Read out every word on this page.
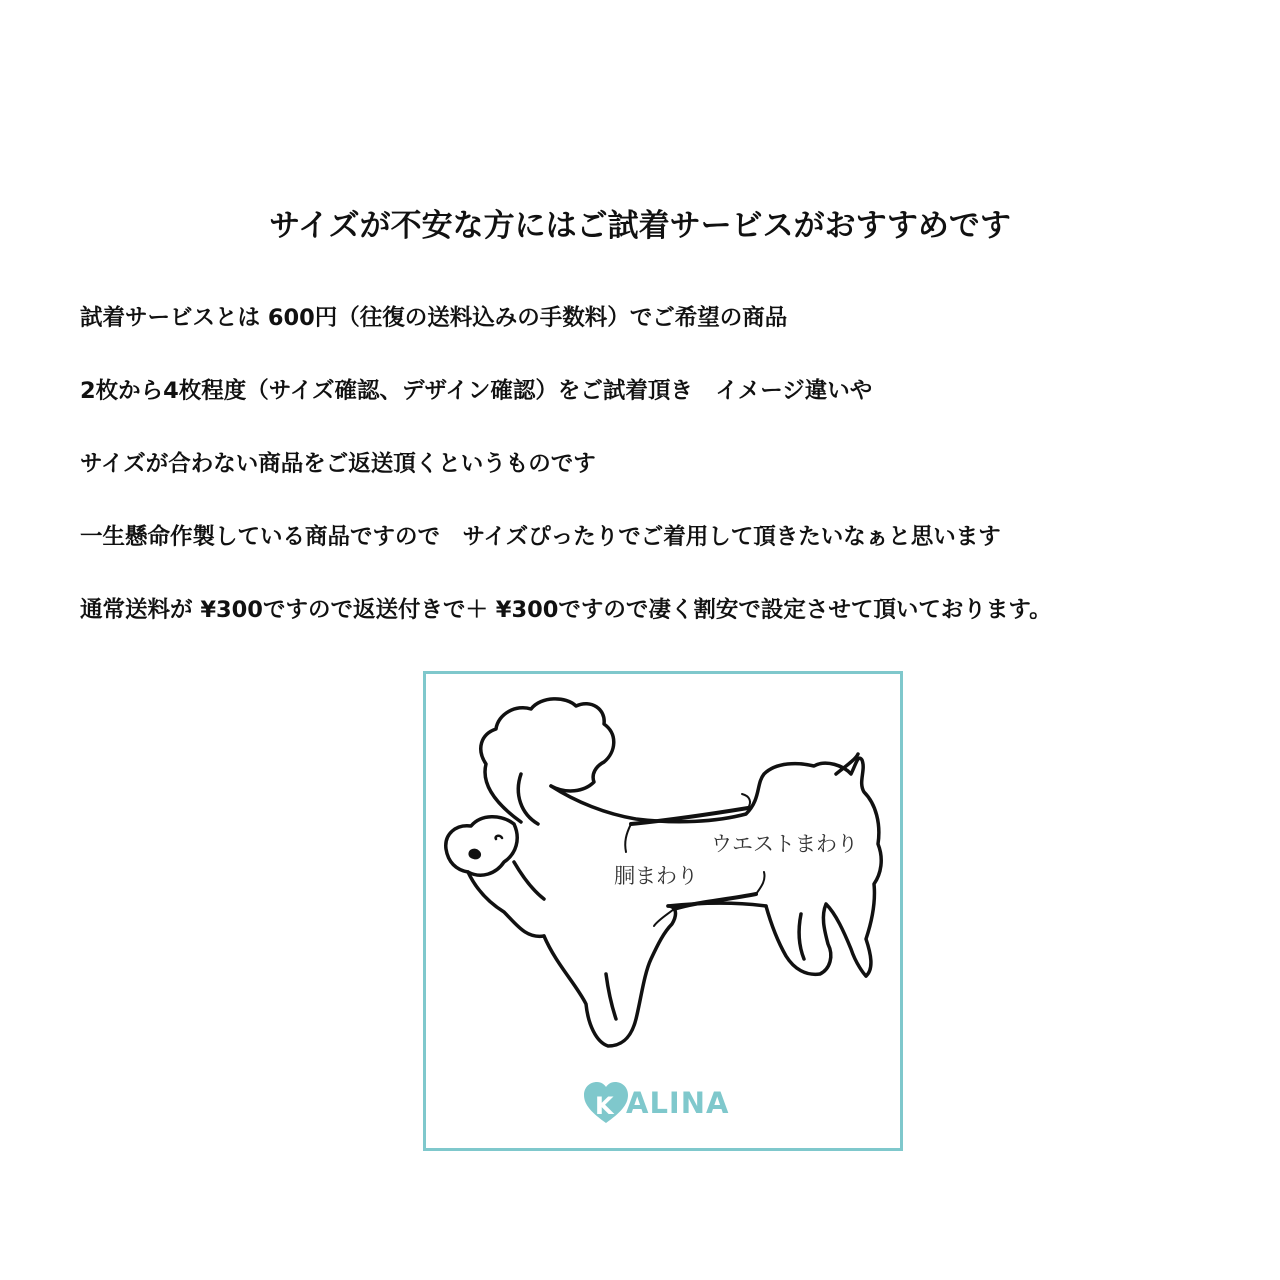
サイズが不安な方にはご試着サービスがおすすめです
試着サービスとは 600円（往復の送料込みの手数料）でご希望の商品
2枚から4枚程度（サイズ確認、デザイン確認）をご試着頂き　イメージ違いや
サイズが合わない商品をご返送頂くというものです
一生懸命作製している商品ですので　サイズぴったりでご着用して頂きたいなぁと思います
通常送料が ¥300ですので返送付きで＋ ¥300ですので凄く割安で設定させて頂いております。
ウエストまわり
胴まわり
K ALINA
